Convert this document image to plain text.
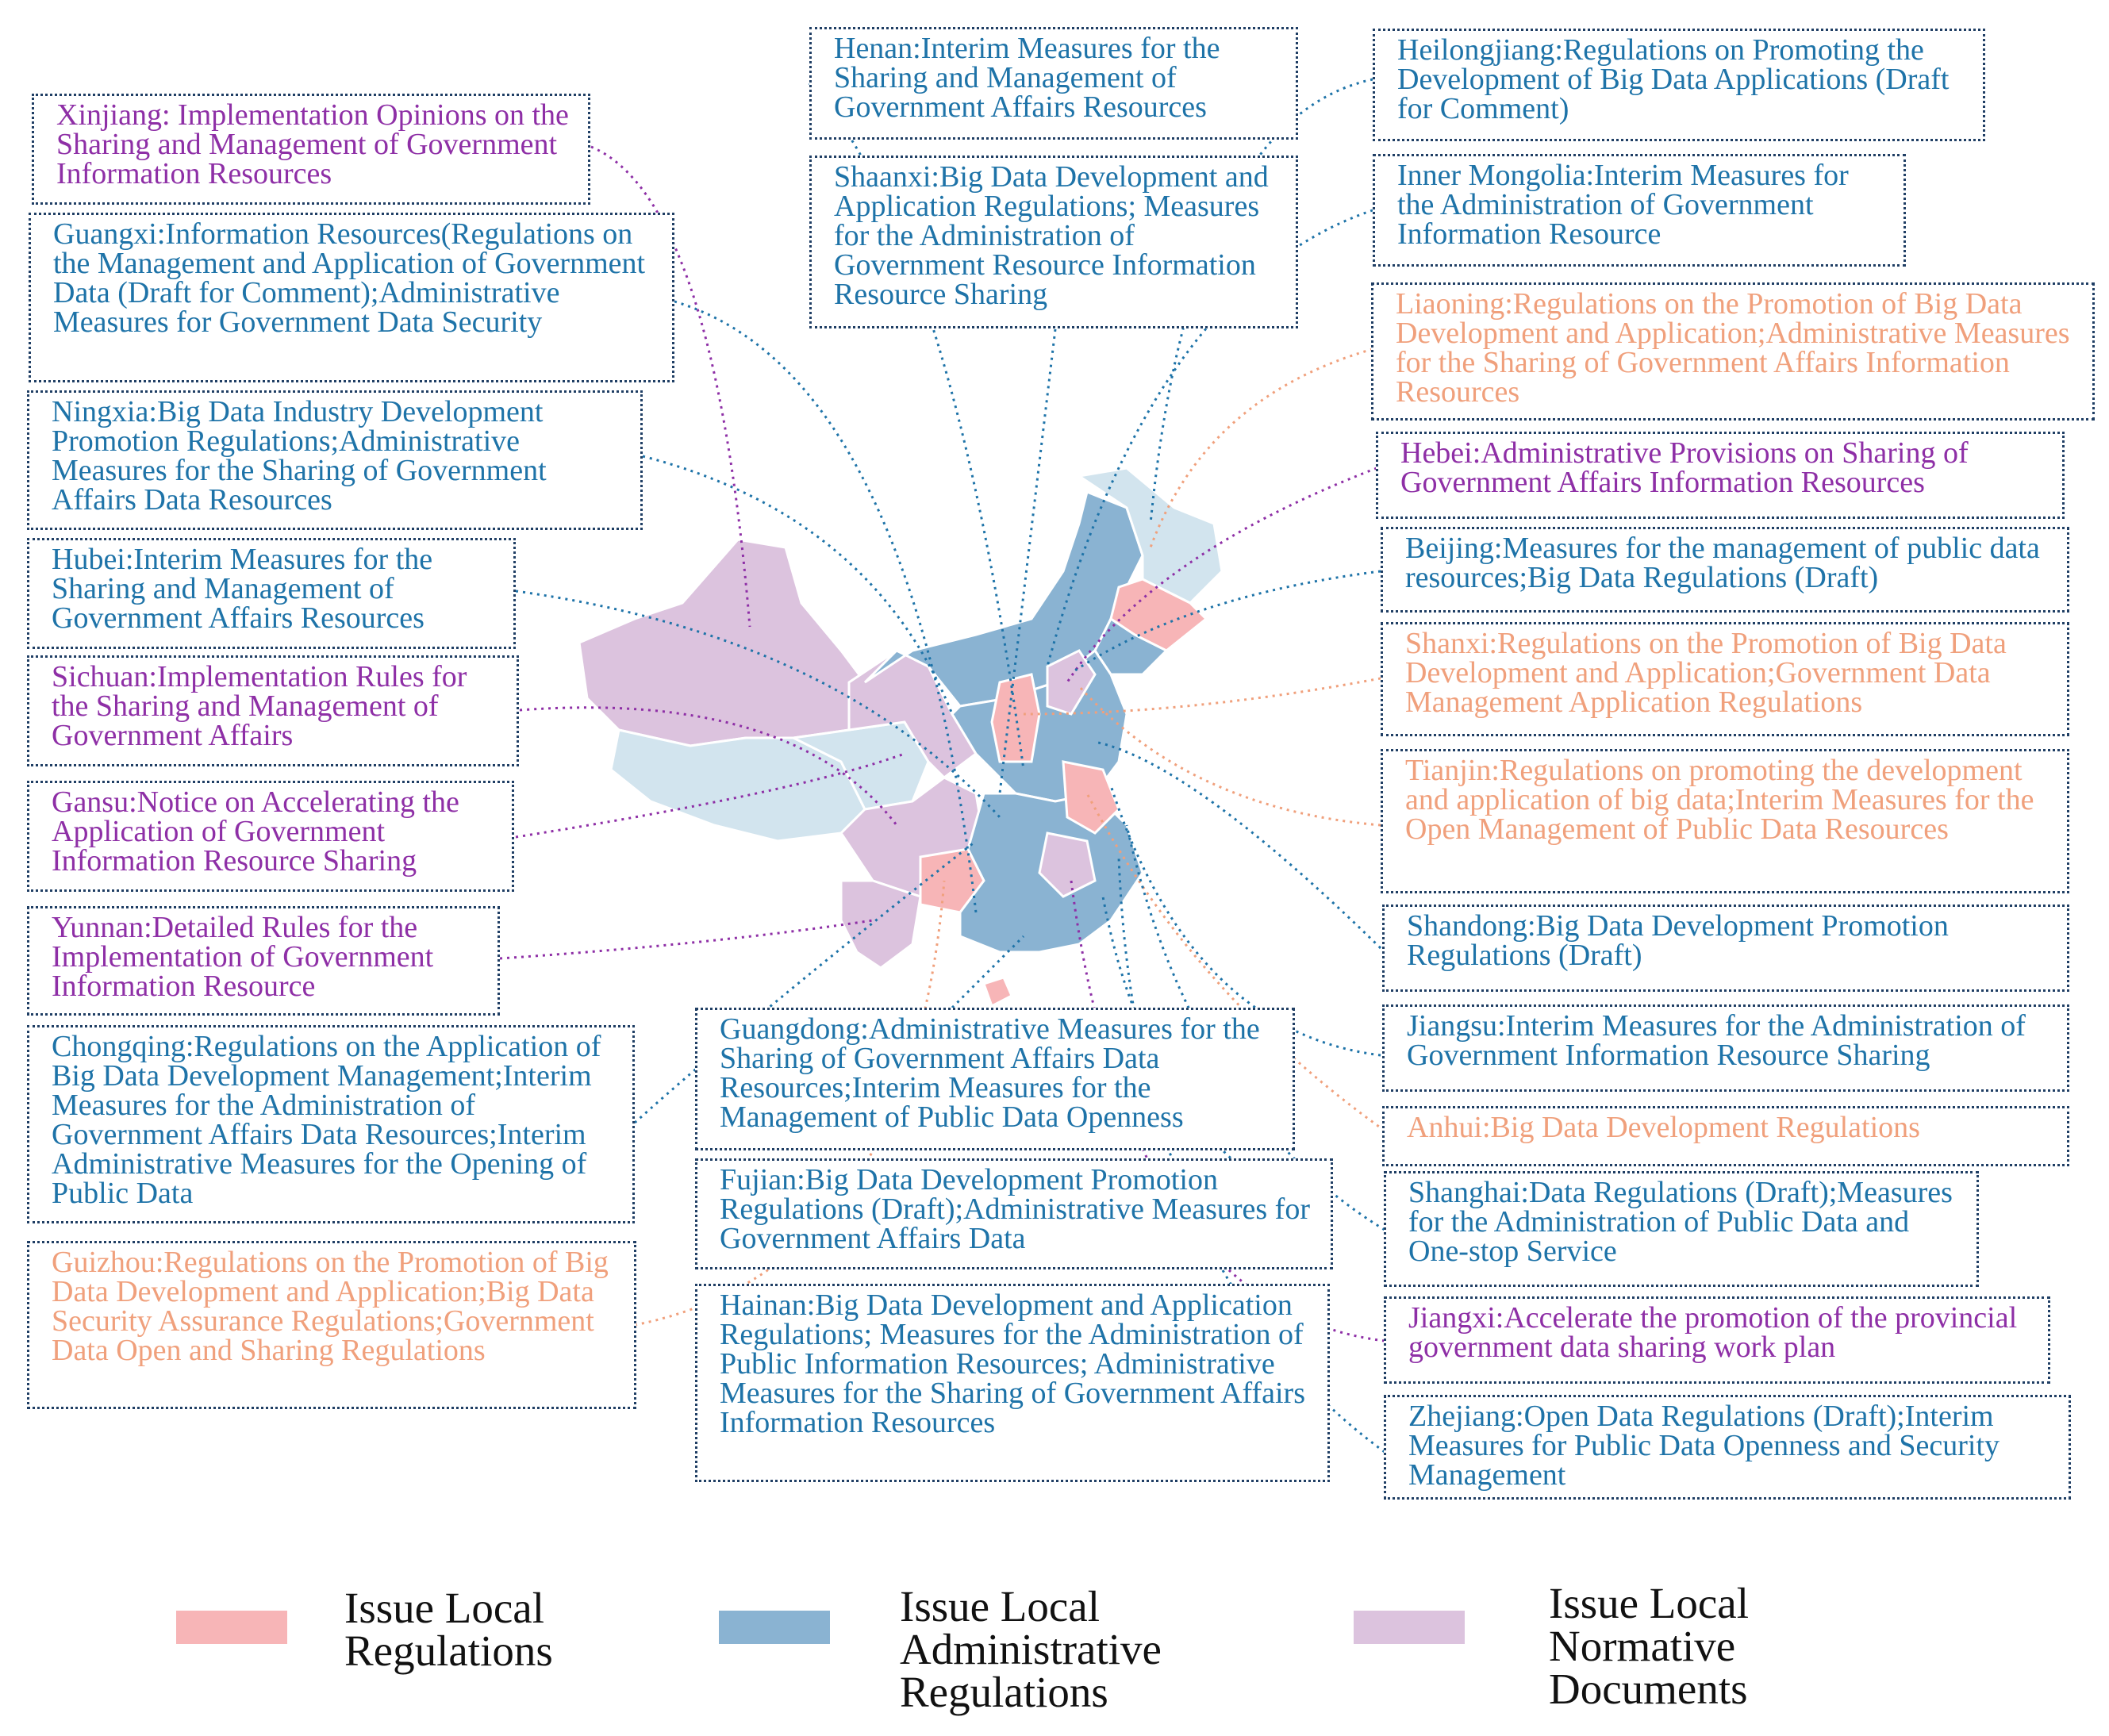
Xinjiang: Implementation Opinions on the Sharing and Management of Government Information Resources
Guangxi:Information Resources(Regulations on the Management and Application of Government Data (Draft for Comment);Administrative Measures for Government Data Security
Ningxia:Big Data Industry Development Promotion Regulations;Administrative Measures for the Sharing of Government Affairs Data Resources
Hubei:Interim Measures for the Sharing and Management of Government Affairs Resources
Sichuan:Implementation Rules for the Sharing and Management of Government Affairs
Gansu:Notice on Accelerating the Application of Government Information Resource Sharing
Yunnan:Detailed Rules for the Implementation of Government Information Resource
Chongqing:Regulations on the Application of Big Data Development Management;Interim Measures for the Administration of Government Affairs Data Resources;Interim Administrative Measures for the Opening of Public Data
Guizhou:Regulations on the Promotion of Big Data Development and Application;Big Data Security Assurance Regulations;Government Data Open and Sharing Regulations
Henan:Interim Measures for the Sharing and Management of Government Affairs Resources
Shaanxi:Big Data Development and Application Regulations; Measures for the Administration of Government Resource Information Resource Sharing
Guangdong:Administrative Measures for the Sharing of Government Affairs Data Resources;Interim Measures for the Management of Public Data Openness
Fujian:Big Data Development Promotion Regulations (Draft);Administrative Measures for Government Affairs Data
Hainan:Big Data Development and Application Regulations; Measures for the Administration of Public Information Resources; Administrative Measures for the Sharing of Government Affairs Information Resources
Heilongjiang:Regulations on Promoting the Development of Big Data Applications (Draft for Comment)
Inner Mongolia:Interim Measures for the Administration of Government Information Resource
Liaoning:Regulations on the Promotion of Big Data Development and Application;Administrative Measures for the Sharing of Government Affairs Information Resources
Hebei:Administrative Provisions on Sharing of Government Affairs Information Resources
Beijing:Measures for the management of public data resources;Big Data Regulations (Draft)
Shanxi:Regulations on the Promotion of Big Data Development and Application;Government Data Management Application Regulations
Tianjin:Regulations on promoting the development and application of big data;Interim Measures for the Open Management of Public Data Resources
Shandong:Big Data Development Promotion Regulations (Draft)
Jiangsu:Interim Measures for the Administration of Government Information Resource Sharing
Anhui:Big Data Development Regulations
Shanghai:Data Regulations (Draft);Measures for the Administration of Public Data and One-stop Service
Jiangxi:Accelerate the promotion of the provincial government data sharing work plan
Zhejiang:Open Data Regulations (Draft);Interim Measures for Public Data Openness and Security Management
Issue Local Regulations
Issue Local Administrative Regulations
Issue Local Normative Documents
